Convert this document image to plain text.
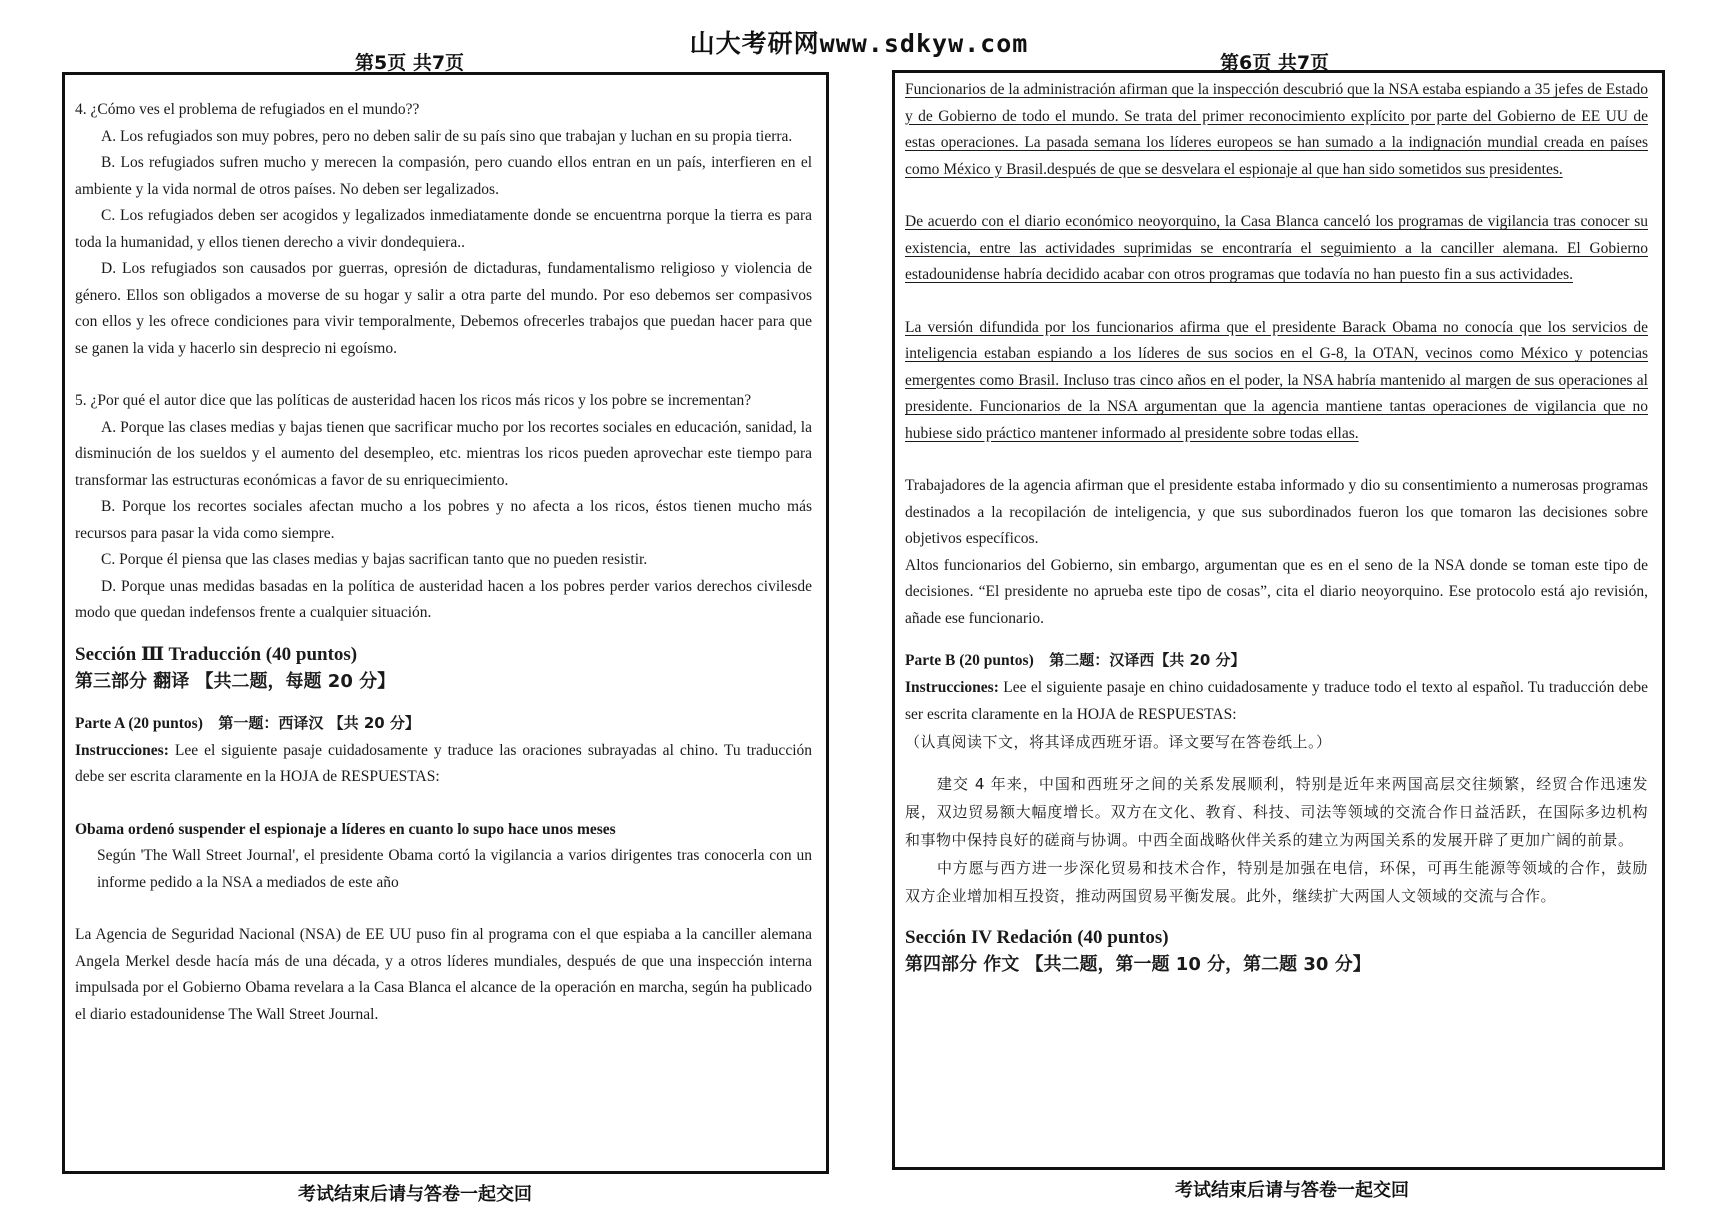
山大考研网www.sdkyw.com
第5页 共7页	第6页 共7页

4. ¿Cómo ves el problema de refugiados en el mundo??

A. Los refugiados son muy pobres, pero no deben salir de su país sino que trabajan y luchan en su propia tierra.

B. Los refugiados sufren mucho y merecen la compasión, pero cuando ellos entran en un país, interfieren en el ambiente y la vida normal de otros países. No deben ser legalizados.

C. Los refugiados deben ser acogidos y legalizados inmediatamente donde se encuentrna porque la tierra es para toda la humanidad, y ellos tienen derecho a vivir dondequiera..

D. Los refugiados son causados por guerras, opresión de dictaduras, fundamentalismo religioso y violencia de género. Ellos son obligados a moverse de su hogar y salir a otra parte del mundo. Por eso debemos ser compasivos con ellos y les ofrece condiciones para vivir temporalmente, Debemos ofrecerles trabajos que puedan hacer para que se ganen la vida y hacerlo sin desprecio ni egoísmo.

5. ¿Por qué el autor dice que las políticas de austeridad hacen los ricos más ricos y los pobre se incrementan?

A. Porque las clases medias y bajas tienen que sacrificar mucho por los recortes sociales en educación, sanidad, la disminución de los sueldos y el aumento del desempleo, etc. mientras los ricos pueden aprovechar este tiempo para transformar las estructuras económicas a favor de su enriquecimiento.

B. Porque los recortes sociales afectan mucho a los pobres y no afecta a los ricos, éstos tienen mucho más recursos para pasar la vida como siempre.

C. Porque él piensa que las clases medias y bajas sacrifican tanto que no pueden resistir.

D. Porque unas medidas basadas en la política de austeridad hacen a los pobres perder varios derechos civilesde modo que quedan indefensos frente a cualquier situación.

Sección Ⅲ Traducción (40 puntos)
第三部分 翻译 【共二题，每题 20 分】
Parte A (20 puntos) 第一题：西译汉 【共 20 分】

Instrucciones: Lee el siguiente pasaje cuidadosamente y traduce las oraciones subrayadas al chino. Tu traducción debe ser escrita claramente en la HOJA de RESPUESTAS:

Obama ordenó suspender el espionaje a líderes en cuanto lo supo hace unos meses

Según 'The Wall Street Journal', el presidente Obama cortó la vigilancia a varios dirigentes tras conocerla con un informe pedido a la NSA a mediados de este año

La Agencia de Seguridad Nacional (NSA) de EE UU puso fin al programa con el que espiaba a la canciller alemana Angela Merkel desde hacía más de una década, y a otros líderes mundiales, después de que una inspección interna impulsada por el Gobierno Obama revelara a la Casa Blanca el alcance de la operación en marcha, según ha publicado el diario estadounidense The Wall Street Journal.

考试结束后请与答卷一起交回

Funcionarios de la administración afirman que la inspección descubrió que la NSA estaba espiando a 35 jefes de Estado y de Gobierno de todo el mundo. Se trata del primer reconocimiento explícito por parte del Gobierno de EE UU de estas operaciones. La pasada semana los líderes europeos se han sumado a la indignación mundial creada en países como México y Brasil.después de que se desvelara el espionaje al que han sido sometidos sus presidentes.

De acuerdo con el diario económico neoyorquino, la Casa Blanca canceló los programas de vigilancia tras conocer su existencia, entre las actividades suprimidas se encontraría el seguimiento a la canciller alemana. El Gobierno estadounidense habría decidido acabar con otros programas que todavía no han puesto fin a sus actividades.

La versión difundida por los funcionarios afirma que el presidente Barack Obama no conocía que los servicios de inteligencia estaban espiando a los líderes de sus socios en el G-8, la OTAN, vecinos como México y potencias emergentes como Brasil. Incluso tras cinco años en el poder, la NSA habría mantenido al margen de sus operaciones al presidente. Funcionarios de la NSA argumentan que la agencia mantiene tantas operaciones de vigilancia que no hubiese sido práctico mantener informado al presidente sobre todas ellas.

Trabajadores de la agencia afirman que el presidente estaba informado y dio su consentimiento a numerosas programas destinados a la recopilación de inteligencia, y que sus subordinados fueron los que tomaron las decisiones sobre objetivos específicos.

Altos funcionarios del Gobierno, sin embargo, argumentan que es en el seno de la NSA donde se toman este tipo de decisiones. “El presidente no aprueba este tipo de cosas”, cita el diario neoyorquino. Ese protocolo está ajo revisión, añade ese funcionario.

Parte B (20 puntos) 第二题：汉译西【共 20 分】

Instrucciones: Lee el siguiente pasaje en chino cuidadosamente y traduce todo el texto al español. Tu traducción debe ser escrita claramente en la HOJA de RESPUESTAS:

（认真阅读下文，将其译成西班牙语。译文要写在答卷纸上。）

建交 4 年来，中国和西班牙之间的关系发展顺利，特别是近年来两国高层交往频繁，经贸合作迅速发展，双边贸易额大幅度增长。双方在文化、教育、科技、司法等领域的交流合作日益活跃，在国际多边机构和事物中保持良好的磋商与协调。中西全面战略伙伴关系的建立为两国关系的发展开辟了更加广阔的前景。

中方愿与西方进一步深化贸易和技术合作，特别是加强在电信，环保，可再生能源等领域的合作，鼓励双方企业增加相互投资，推动两国贸易平衡发展。此外，继续扩大两国人文领域的交流与合作。

Sección IV Redación (40 puntos)
第四部分 作文 【共二题，第一题 10 分，第二题 30 分】
考试结束后请与答卷一起交回
